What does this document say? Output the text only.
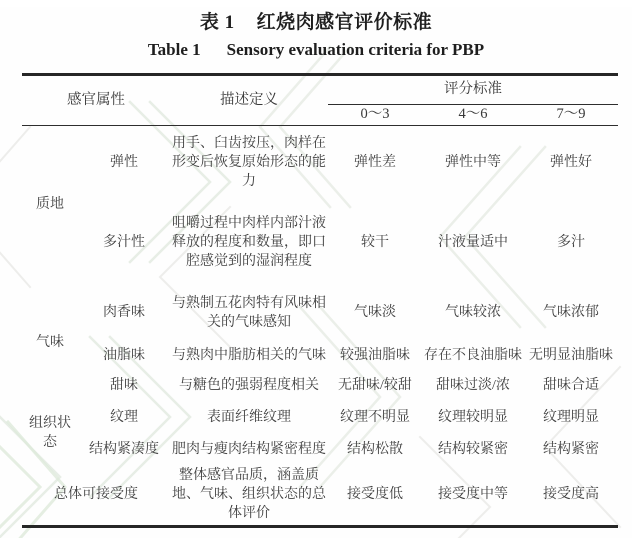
表 1 红烧肉感官评价标准
Table 1 Sensory evaluation criteria for PBP
感官属性		描述定义	评分标准		
			0～3	4～6	7～9
质地	弹性	用手、臼齿按压，肉样在形变后恢复原始形态的能力	弹性差	弹性中等	弹性好
	多汁性	咀嚼过程中肉样内部汁液释放的程度和数量，即口腔感觉到的湿润程度	较干	汁液量适中	多汁
气味	肉香味	与熟制五花肉特有风味相关的气味感知	气味淡	气味较浓	气味浓郁
	油脂味	与熟肉中脂肪相关的气味	较强油脂味	存在不良油脂味	无明显油脂味
	甜味	与糖色的强弱程度相关	无甜味/较甜	甜味过淡/浓	甜味合适
组织状态	纹理	表面纤维纹理	纹理不明显	纹理较明显	纹理明显
	结构紧凑度	肥肉与瘦肉结构紧密程度	结构松散	结构较紧密	结构紧密
总体可接受度		整体感官品质，涵盖质地、气味、组织状态的总体评价	接受度低	接受度中等	接受度高
